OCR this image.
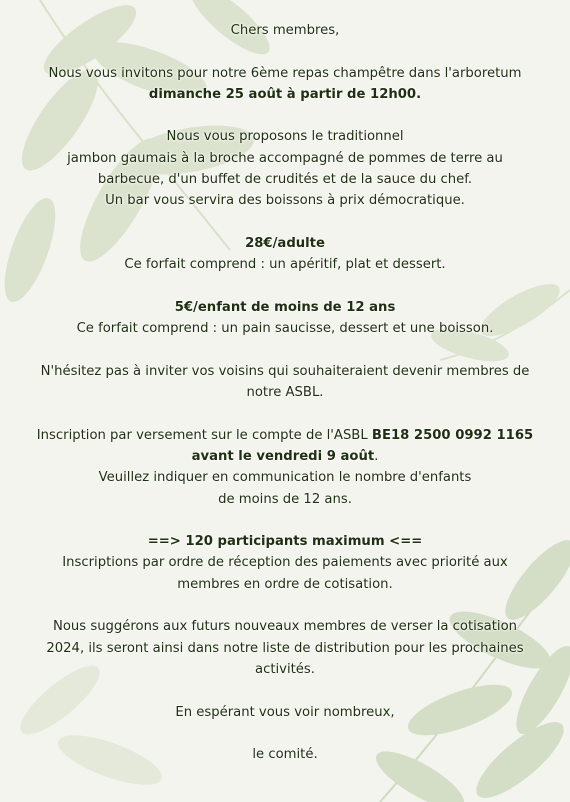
Chers membres,

Nous vous invitons pour notre 6ème repas champêtre dans l'arboretum

dimanche 25 août à partir de 12h00.

Nous vous proposons le traditionnel

jambon gaumais à la broche accompagné de pommes de terre au

barbecue, d'un buffet de crudités et de la sauce du chef.

Un bar vous servira des boissons à prix démocratique.

28€/adulte

Ce forfait comprend : un apéritif, plat et dessert.

5€/enfant de moins de 12 ans

Ce forfait comprend : un pain saucisse, dessert et une boisson.

N'hésitez pas à inviter vos voisins qui souhaiteraient devenir membres de

notre ASBL.

Inscription par versement sur le compte de l'ASBL BE18 2500 0992 1165

avant le vendredi 9 août.

Veuillez indiquer en communication le nombre d'enfants

de moins de 12 ans.

==> 120 participants maximum <==

Inscriptions par ordre de réception des paiements avec priorité aux

membres en ordre de cotisation.

Nous suggérons aux futurs nouveaux membres de verser la cotisation

2024, ils seront ainsi dans notre liste de distribution pour les prochaines

activités.

En espérant vous voir nombreux,

le comité.
